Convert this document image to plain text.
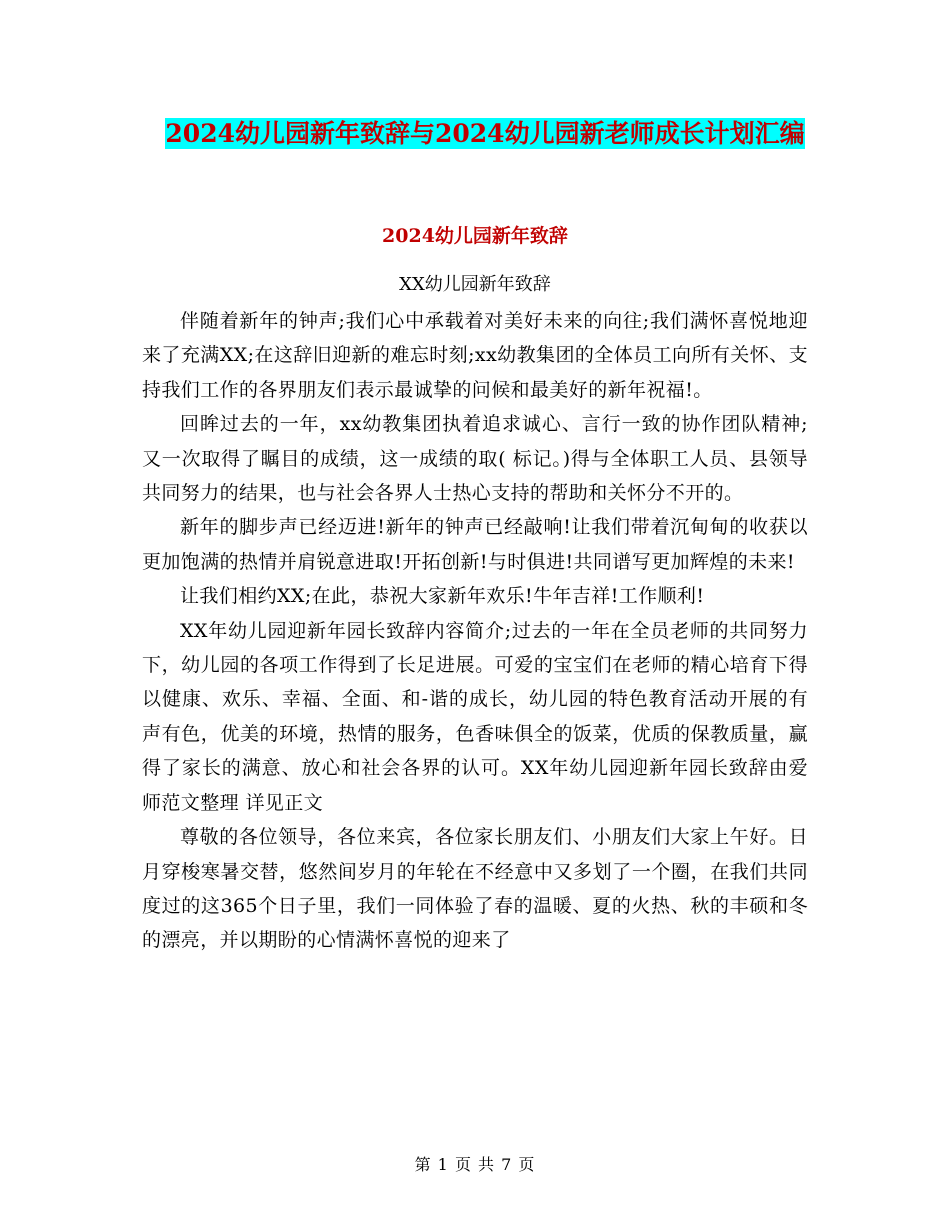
2024幼儿园新年致辞与2024幼儿园新老师成长计划汇编
2024幼儿园新年致辞
XX幼儿园新年致辞

伴随着新年的钟声;我们心中承载着对美好未来的向往;我们满怀喜悦地迎来了充满XX;在这辞旧迎新的难忘时刻;xx幼教集团的全体员工向所有关怀、支持我们工作的各界朋友们表示最诚挚的问候和最美好的新年祝福!。

回眸过去的一年，xx幼教集团执着追求诚心、言行一致的协作团队精神;又一次取得了瞩目的成绩，这一成绩的取( 标记。)得与全体职工人员、县领导共同努力的结果，也与社会各界人士热心支持的帮助和关怀分不开的。

新年的脚步声已经迈进!新年的钟声已经敲响!让我们带着沉甸甸的收获以更加饱满的热情并肩锐意进取!开拓创新!与时俱进!共同谱写更加辉煌的未来!

让我们相约XX;在此，恭祝大家新年欢乐!牛年吉祥!工作顺利!

XX年幼儿园迎新年园长致辞内容简介;过去的一年在全员老师的共同努力下，幼儿园的各项工作得到了长足进展。可爱的宝宝们在老师的精心培育下得以健康、欢乐、幸福、全面、和-谐的成长，幼儿园的特色教育活动开展的有声有色，优美的环境，热情的服务，色香味俱全的饭菜，优质的保教质量，赢得了家长的满意、放心和社会各界的认可。XX年幼儿园迎新年园长致辞由爱师范文整理 详见正文

尊敬的各位领导，各位来宾，各位家长朋友们、小朋友们大家上午好。日月穿梭寒暑交替，悠然间岁月的年轮在不经意中又多划了一个圈，在我们共同度过的这365个日子里，我们一同体验了春的温暖、夏的火热、秋的丰硕和冬的漂亮，并以期盼的心情满怀喜悦的迎来了

第 1 页 共 7 页
